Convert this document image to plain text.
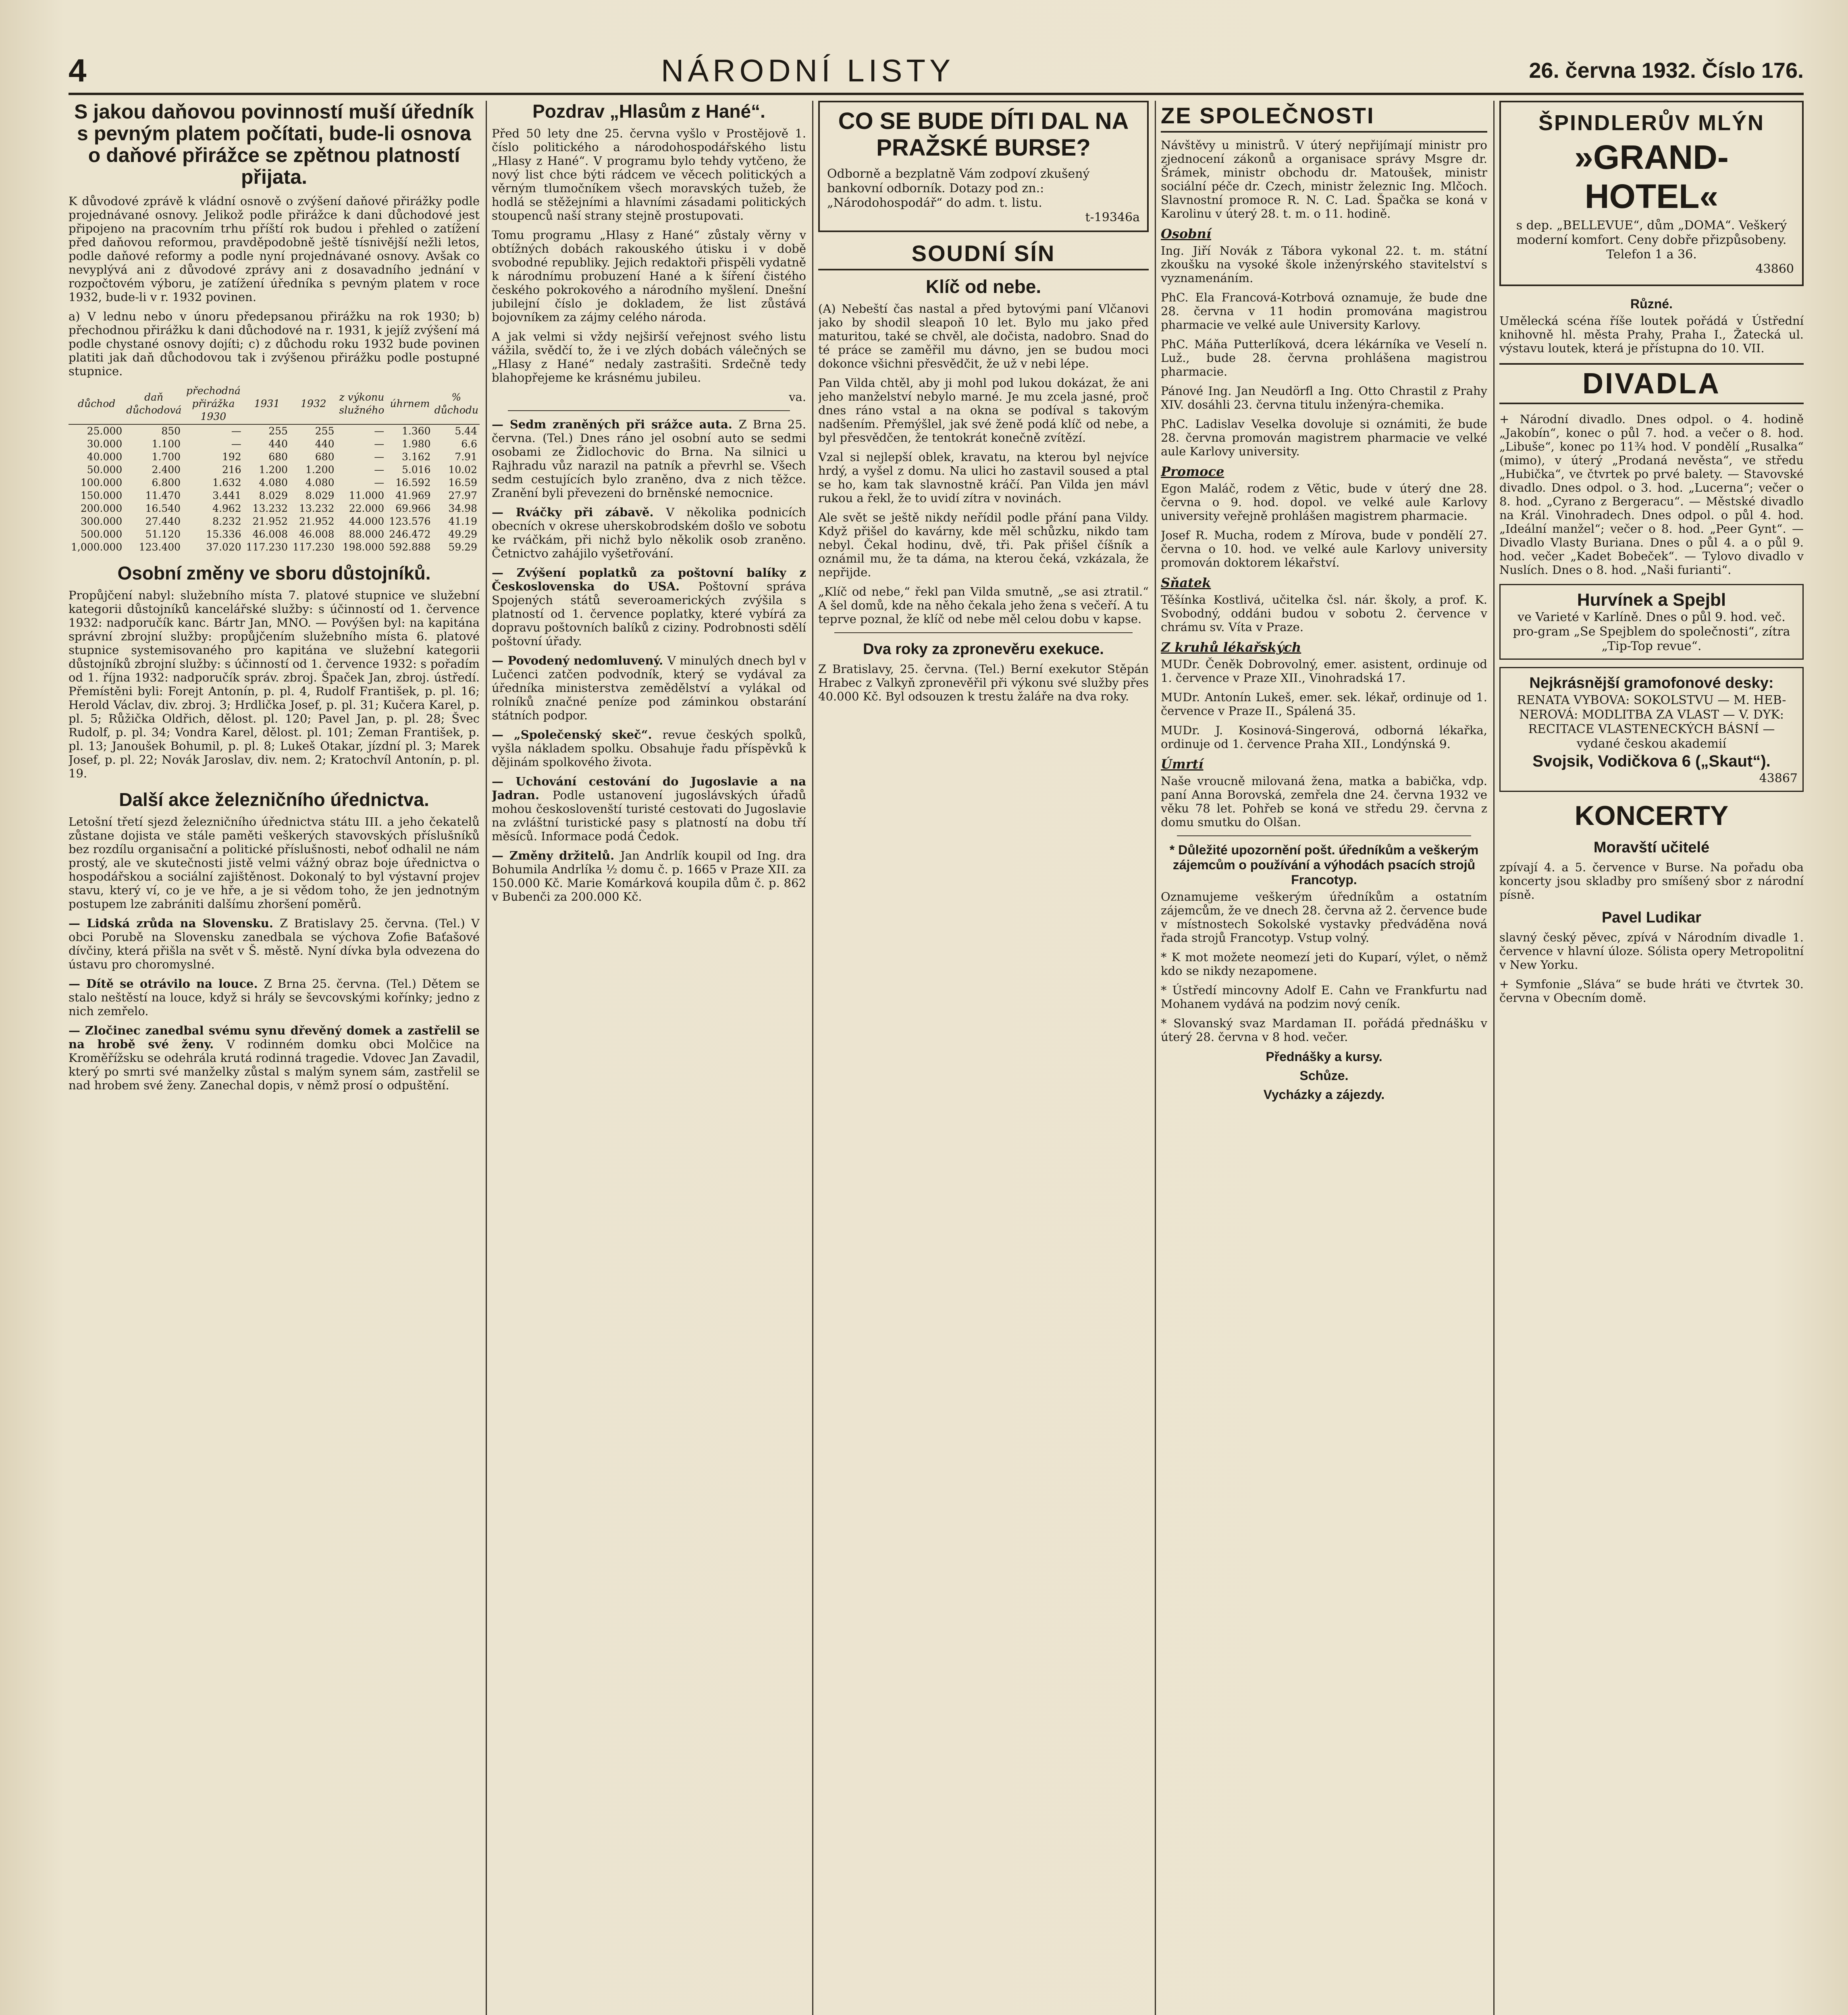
4	NÁRODNÍ LISTY	26. června 1932. Číslo 176.
S jakou daňovou povinností muší úředník s pevným platem počítati, bude-li osnova o daňové přirážce se zpětnou platností přijata.

K důvodové zprávě k vládní osnově o zvýšení daňové přirážky podle projednávané osnovy. Jelikož podle přirážce k dani důchodové jest připojeno na pracovním trhu příští rok budou i přehled o zatížení před daňovou reformou, pravděpodobně ještě tísnivější nežli letos, podle daňové reformy a podle nyní projednávané osnovy. Avšak co nevyplývá ani z důvodové zprávy ani z dosavadního jednání v rozpočtovém výboru, je zatížení úředníka s pevným platem v roce 1932, bude-li v r. 1932 povinen.

a) V lednu nebo v únoru předepsanou přirážku na rok 1930; b) přechodnou přirážku k dani důchodové na r. 1931, k jejíž zvýšení má podle chystané osnovy dojíti; c) z důchodu roku 1932 bude povinen platiti jak daň důchodovou tak i zvýšenou přirážku podle postupné stupnice.

důchod	daň důchodová	přechodná přirážka 1930	1931	1932	z výkonu služného	úhrnem	% důchodu
25.000	850	—	255	255	—	1.360	5.44
30.000	1.100	—	440	440	—	1.980	6.6
40.000	1.700	192	680	680	—	3.162	7.91
50.000	2.400	216	1.200	1.200	—	5.016	10.02
100.000	6.800	1.632	4.080	4.080	—	16.592	16.59
150.000	11.470	3.441	8.029	8.029	11.000	41.969	27.97
200.000	16.540	4.962	13.232	13.232	22.000	69.966	34.98
300.000	27.440	8.232	21.952	21.952	44.000	123.576	41.19
500.000	51.120	15.336	46.008	46.008	88.000	246.472	49.29
1,000.000	123.400	37.020	117.230	117.230	198.000	592.888	59.29
Osobní změny ve sboru důstojníků.

Propůjčení nabyl: služebního místa 7. platové stupnice ve služební kategorii důstojníků kancelářské služby: s účinností od 1. července 1932: nadporučík kanc. Bártr Jan, MNO. — Povýšen byl: na kapitána správní zbrojní služby: propůjčením služebního místa 6. platové stupnice systemisovaného pro kapitána ve služební kategorii důstojníků zbrojní služby: s účinností od 1. července 1932: s pořadím od 1. října 1932: nadporučík správ. zbroj. Špaček Jan, zbroj. ústředí. Přemístěni byli: Forejt Antonín, p. pl. 4, Rudolf František, p. pl. 16; Herold Václav, div. zbroj. 3; Hrdlička Josef, p. pl. 31; Kučera Karel, p. pl. 5; Růžička Oldřich, dělost. pl. 120; Pavel Jan, p. pl. 28; Švec Rudolf, p. pl. 34; Vondra Karel, dělost. pl. 101; Zeman František, p. pl. 13; Janoušek Bohumil, p. pl. 8; Lukeš Otakar, jízdní pl. 3; Marek Josef, p. pl. 22; Novák Jaroslav, div. nem. 2; Kratochvíl Antonín, p. pl. 19.

Další akce železničního úřednictva.

Letošní třetí sjezd železničního úřednictva státu III. a jeho čekatelů zůstane dojista ve stále paměti veškerých stavovských příslušníků bez rozdílu organisační a politické příslušnosti, neboť odhalil ne nám prostý, ale ve skutečnosti jistě velmi vážný obraz boje úřednictva o hospodářskou a sociální zajištěnost. Dokonalý to byl výstavní projev stavu, který ví, co je ve hře, a je si vědom toho, že jen jednotným postupem lze zabrániti dalšímu zhoršení poměrů.

— Lidská zrůda na Slovensku. Z Bratislavy 25. června. (Tel.) V obci Porubě na Slovensku zanedbala se výchova Zofie Baťašové dívčiny, která přišla na svět v Š. městě. Nyní dívka byla odvezena do ústavu pro choromyslné.

— Dítě se otrávilo na louce. Z Brna 25. června. (Tel.) Dětem se stalo neštěstí na louce, když si hrály se ševcovskými kořínky; jedno z nich zemřelo.

— Zločinec zanedbal svému synu dřevěný domek a zastřelil se na hrobě své ženy. V rodinném domku obci Molčice na Kroměřížsku se odehrála krutá rodinná tragedie. Vdovec Jan Zavadil, který po smrti své manželky zůstal s malým synem sám, zastřelil se nad hrobem své ženy. Zanechal dopis, v němž prosí o odpuštění.

Pozdrav „Hlasům z Hané“.

Před 50 lety dne 25. června vyšlo v Prostějově 1. číslo politického a národohospodářského listu „Hlasy z Hané“. V programu bylo tehdy vytčeno, že nový list chce býti rádcem ve věcech politických a věrným tlumočníkem všech moravských tužeb, že hodlá se stěžejními a hlavními zásadami politických stoupenců naší strany stejně prostupovati.

Tomu programu „Hlasy z Hané“ zůstaly věrny v obtížných dobách rakouského útisku i v době svobodné republiky. Jejich redaktoři přispěli vydatně k národnímu probuzení Hané a k šíření čistého českého pokrokového a národního myšlení. Dnešní jubilejní číslo je dokladem, že list zůstává bojovníkem za zájmy celého národa.

A jak velmi si vždy nejširší veřejnost svého listu vážila, svědčí to, že i ve zlých dobách válečných se „Hlasy z Hané“ nedaly zastrašiti. Srdečně tedy blahopřejeme ke krásnému jubileu.

va.

— Sedm zraněných při srážce auta. Z Brna 25. června. (Tel.) Dnes ráno jel osobní auto se sedmi osobami ze Židlochovic do Brna. Na silnici u Rajhradu vůz narazil na patník a převrhl se. Všech sedm cestujících bylo zraněno, dva z nich těžce. Zranění byli převezeni do brněnské nemocnice.

— Rváčky při zábavě. V několika podnicích obecních v okrese uherskobrodském došlo ve sobotu ke rváčkám, při nichž bylo několik osob zraněno. Četnictvo zahájilo vyšetřování.

— Zvýšení poplatků za poštovní balíky z Československa do USA. Poštovní správa Spojených států severoamerických zvýšila s platností od 1. července poplatky, které vybírá za dopravu poštovních balíků z ciziny. Podrobnosti sdělí poštovní úřady.

— Povodený nedomluvený. V minulých dnech byl v Lučenci zatčen podvodník, který se vydával za úředníka ministerstva zemědělství a vylákal od rolníků značné peníze pod záminkou obstarání státních podpor.

— „Společenský skeč“. revue českých spolků, vyšla nákladem spolku. Obsahuje řadu příspěvků k dějinám spolkového života.

— Uchování cestování do Jugoslavie a na Jadran. Podle ustanovení jugoslávských úřadů mohou českoslovenští turisté cestovati do Jugoslavie na zvláštní turistické pasy s platností na dobu tří měsíců. Informace podá Čedok.

— Změny držitelů. Jan Andrlík koupil od Ing. dra Bohumila Andrlíka ½ domu č. p. 1665 v Praze XII. za 150.000 Kč. Marie Komárková koupila dům č. p. 862 v Bubenči za 200.000 Kč.

CO SE BUDE DÍTI DAL NA PRAŽSKÉ BURSE?
Odborně a bezplatně Vám zodpoví zkušený bankovní odborník. Dotazy pod zn.: „Národohospodář“ do adm. t. listu.
t-19346a
SOUDNÍ SÍN
Klíč od nebe.

(A) Nebeští čas nastal a před bytovými paní Vlčanovi jako by shodil sleapoň 10 let. Bylo mu jako před maturitou, také se chvěl, ale dočista, nadobro. Snad do té práce se zaměřil mu dávno, jen se budou moci dokonce všichni přesvědčit, že už v nebi lépe.

Pan Vilda chtěl, aby ji mohl pod lukou dokázat, že ani jeho manželství nebylo marné. Je mu zcela jasné, proč dnes ráno vstal a na okna se podíval s takovým nadšením. Přemýšlel, jak své ženě podá klíč od nebe, a byl přesvědčen, že tentokrát konečně zvítězí.

Vzal si nejlepší oblek, kravatu, na kterou byl nejvíce hrdý, a vyšel z domu. Na ulici ho zastavil soused a ptal se ho, kam tak slavnostně kráčí. Pan Vilda jen mávl rukou a řekl, že to uvidí zítra v novinách.

Ale svět se ještě nikdy neřídil podle přání pana Vildy. Když přišel do kavárny, kde měl schůzku, nikdo tam nebyl. Čekal hodinu, dvě, tři. Pak přišel číšník a oznámil mu, že ta dáma, na kterou čeká, vzkázala, že nepřijde.

„Klíč od nebe,“ řekl pan Vilda smutně, „se asi ztratil.“ A šel domů, kde na něho čekala jeho žena s večeří. A tu teprve poznal, že klíč od nebe měl celou dobu v kapse.

Dva roky za zpronevěru exekuce.

Z Bratislavy, 25. června. (Tel.) Berní exekutor Stěpán Hrabec z Valkyň zpronevěřil při výkonu své služby přes 40.000 Kč. Byl odsouzen k trestu žaláře na dva roky.

ZE SPOLEČNOSTI

Návštěvy u ministrů. V úterý nepřijímají ministr pro zjednocení zákonů a organisace správy Msgre dr. Šrámek, ministr obchodu dr. Matoušek, ministr sociální péče dr. Czech, ministr železnic Ing. Mlčoch. Slavnostní promoce R. N. C. Lad. Špačka se koná v Karolinu v úterý 28. t. m. o 11. hodině.

Osobní

Ing. Jiří Novák z Tábora vykonal 22. t. m. státní zkoušku na vysoké škole inženýrského stavitelství s vyznamenáním.

PhC. Ela Francová-Kotrbová oznamuje, že bude dne 28. června v 11 hodin promována magistrou pharmacie ve velké aule University Karlovy.

PhC. Máňa Putterlíková, dcera lékárníka ve Veselí n. Luž., bude 28. června prohlášena magistrou pharmacie.

Pánové Ing. Jan Neudörfl a Ing. Otto Chrastil z Prahy XIV. dosáhli 23. června titulu inženýra-chemika.

PhC. Ladislav Veselka dovoluje si oznámiti, že bude 28. června promován magistrem pharmacie ve velké aule Karlovy university.

Promoce

Egon Maláč, rodem z Větic, bude v úterý dne 28. června o 9. hod. dopol. ve velké aule Karlovy university veřejně prohlášen magistrem pharmacie.

Josef R. Mucha, rodem z Mírova, bude v pondělí 27. června o 10. hod. ve velké aule Karlovy university promován doktorem lékařství.

Sňatek

Těšínka Kostlivá, učitelka čsl. nár. školy, a prof. K. Svobodný, oddáni budou v sobotu 2. července v chrámu sv. Víta v Praze.

Z kruhů lékařských

MUDr. Čeněk Dobrovolný, emer. asistent, ordinuje od 1. července v Praze XII., Vinohradská 17.

MUDr. Antonín Lukeš, emer. sek. lékař, ordinuje od 1. července v Praze II., Spálená 35.

MUDr. J. Kosinová-Singerová, odborná lékařka, ordinuje od 1. července Praha XII., Londýnská 9.

Úmrtí

Naše vroucně milovaná žena, matka a babička, vdp. paní Anna Borovská, zemřela dne 24. června 1932 ve věku 78 let. Pohřeb se koná ve středu 29. června z domu smutku do Olšan.

* Důležité upozornění pošt. úředníkům a veškerým zájemcům o používání a výhodách psacích strojů Francotyp.

Oznamujeme veškerým úředníkům a ostatním zájemcům, že ve dnech 28. června až 2. července bude v místnostech Sokolské vystavky předváděna nová řada strojů Francotyp. Vstup volný.

* K mot možete neomezí jeti do Kuparí, výlet, o němž kdo se nikdy nezapomene.

* Ústředí mincovny Adolf E. Cahn ve Frankfurtu nad Mohanem vydává na podzim nový ceník.

* Slovanský svaz Mardaman II. pořádá přednášku v úterý 28. června v 8 hod. večer.

Přednášky a kursy.
Schůze.
Vycházky a zájezdy.
ŠPINDLERŮV MLÝN
»GRAND-HOTEL«
s dep. „BELLEVUE“, dům „DOMA“. Veškerý moderní komfort. Ceny dobře přizpůsobeny.
Telefon 1 a 36.
43860
Různé.

Umělecká scéna říše loutek pořádá v Ústřední knihovně hl. města Prahy, Praha I., Žatecká ul. výstavu loutek, která je přístupna do 10. VII.

DIVADLA

+ Národní divadlo. Dnes odpol. o 4. hodině „Jakobín“, konec o půl 7. hod. a večer o 8. hod. „Libuše“, konec po 11¾ hod. V pondělí „Rusalka“ (mimo), v úterý „Prodaná nevěsta“, ve středu „Hubička“, ve čtvrtek po prvé balety. — Stavovské divadlo. Dnes odpol. o 3. hod. „Lucerna“; večer o 8. hod. „Cyrano z Bergeracu“. — Městské divadlo na Král. Vinohradech. Dnes odpol. o půl 4. hod. „Ideální manžel“; večer o 8. hod. „Peer Gynt“. — Divadlo Vlasty Buriana. Dnes o půl 4. a o půl 9. hod. večer „Kadet Bobeček“. — Tylovo divadlo v Nuslích. Dnes o 8. hod. „Naši furianti“.

Hurvínek a Spejbl
ve Varieté v Karlíně. Dnes o půl 9. hod. več. pro-gram „Se Spejblem do společnosti“, zítra „Tip-Top revue“.
Nejkrásnější gramofonové desky:
RENATA VYBOVA: SOKOLSTVU — M. HEB-NEROVÁ: MODLITBA ZA VLAST — V. DYK: RECITACE VLASTENECKÝCH BÁSNÍ — vydané českou akademií
Svojsik, Vodičkova 6 („Skaut“).
43867
KONCERTY
Moravští učitelé

zpívají 4. a 5. července v Burse. Na pořadu oba koncerty jsou skladby pro smíšený sbor z národní písně.

Pavel Ludikar

slavný český pěvec, zpívá v Národním divadle 1. července v hlavní úloze. Sólista opery Metropolitní v New Yorku.

+ Symfonie „Sláva“ se bude hráti ve čtvrtek 30. června v Obecním domě.
